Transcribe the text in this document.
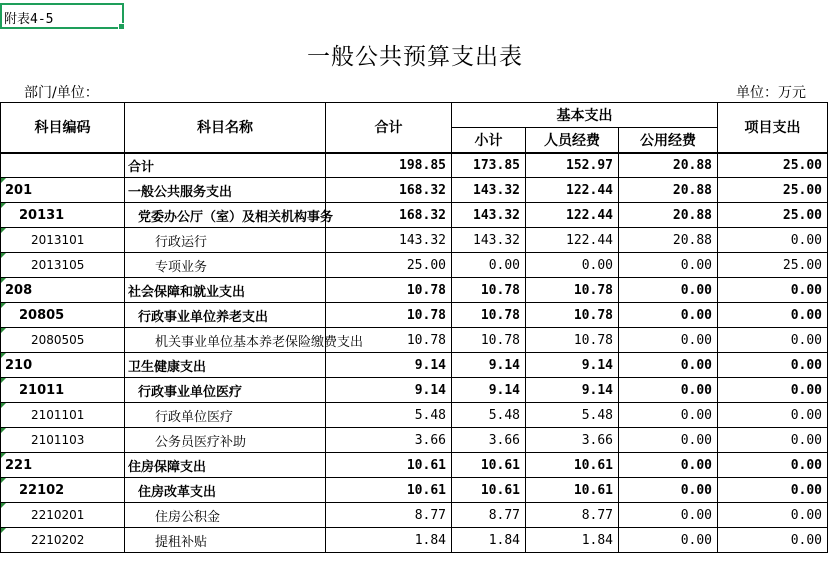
附表4-5
一般公共预算支出表
部门/单位：	单位：万元
科目编码	科目名称	合计	基本支出			项目支出
			小计	人员经费	公用经费	
	合计	198.85	173.85	152.97	20.88	25.00
201	一般公共服务支出	168.32	143.32	122.44	20.88	25.00
20131	党委办公厅（室）及相关机构事务	168.32	143.32	122.44	20.88	25.00
2013101	行政运行	143.32	143.32	122.44	20.88	0.00
2013105	专项业务	25.00	0.00	0.00	0.00	25.00
208	社会保障和就业支出	10.78	10.78	10.78	0.00	0.00
20805	行政事业单位养老支出	10.78	10.78	10.78	0.00	0.00
2080505	机关事业单位基本养老保险缴费支出	10.78	10.78	10.78	0.00	0.00
210	卫生健康支出	9.14	9.14	9.14	0.00	0.00
21011	行政事业单位医疗	9.14	9.14	9.14	0.00	0.00
2101101	行政单位医疗	5.48	5.48	5.48	0.00	0.00
2101103	公务员医疗补助	3.66	3.66	3.66	0.00	0.00
221	住房保障支出	10.61	10.61	10.61	0.00	0.00
22102	住房改革支出	10.61	10.61	10.61	0.00	0.00
2210201	住房公积金	8.77	8.77	8.77	0.00	0.00
2210202	提租补贴	1.84	1.84	1.84	0.00	0.00
